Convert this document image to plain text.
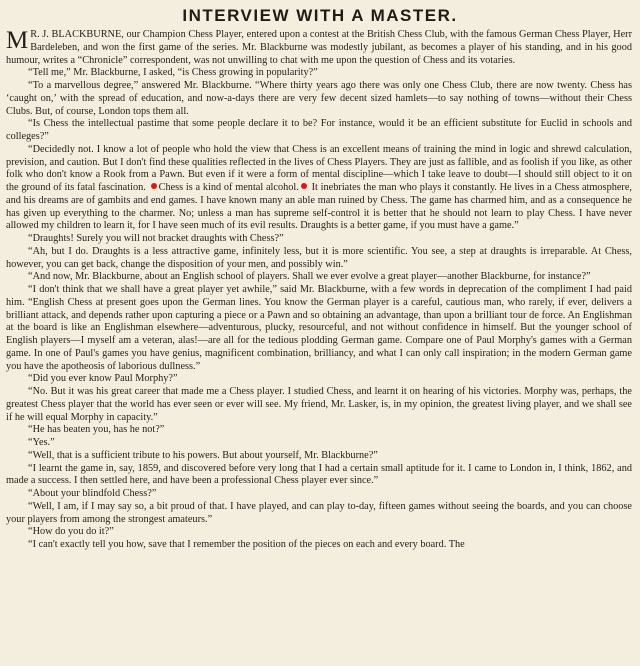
INTERVIEW WITH A MASTER.

M R. J. BLACKBURNE, our Champion Chess Player, entered upon a contest at the British Chess Club, with the famous German Chess Player, Herr Bardeleben, and won the first game of the series. Mr. Blackburne was modestly jubilant, as becomes a player of his standing, and in his good humour, writes a “Chronicle” correspondent, was not unwilling to chat with me upon the question of Chess and its votaries.

“Tell me,” Mr. Blackburne, I asked, “is Chess growing in popularity?”

“To a marvellous degree,” answered Mr. Blackburne. “Where thirty years ago there was only one Chess Club, there are now twenty. Chess has ‘caught on,’ with the spread of education, and now-a-days there are very few decent sized hamlets—to say nothing of towns—without their Chess Clubs. But, of course, London tops them all.

“Is Chess the intellectual pastime that some people declare it to be? For instance, would it be an efficient substitute for Euclid in schools and colleges?”

“Decidedly not. I know a lot of people who hold the view that Chess is an excellent means of training the mind in logic and shrewd calculation, prevision, and caution. But I don't find these qualities reflected in the lives of Chess Players. They are just as fallible, and as foolish if you like, as other folk who don't know a Rook from a Pawn. But even if it were a form of mental discipline—which I take leave to doubt—I should still object to it on the ground of its fatal fascination. Chess is a kind of mental alcohol. It inebriates the man who plays it constantly. He lives in a Chess atmosphere, and his dreams are of gambits and end games. I have known many an able man ruined by Chess. The game has charmed him, and as a consequence he has given up everything to the charmer. No; unless a man has supreme self-control it is better that he should not learn to play Chess. I have never allowed my children to learn it, for I have seen much of its evil results. Draughts is a better game, if you must have a game.”

“Draughts! Surely you will not bracket draughts with Chess?”

“Ah, but I do. Draughts is a less attractive game, infinitely less, but it is more scientific. You see, a step at draughts is irreparable. At Chess, however, you can get back, change the disposition of your men, and possibly win.”

“And now, Mr. Blackburne, about an English school of players. Shall we ever evolve a great player—another Blackburne, for instance?”

“I don't think that we shall have a great player yet awhile,” said Mr. Blackburne, with a few words in deprecation of the compliment I had paid him. “English Chess at present goes upon the German lines. You know the German player is a careful, cautious man, who rarely, if ever, delivers a brilliant attack, and depends rather upon capturing a piece or a Pawn and so obtaining an advantage, than upon a brilliant tour de force. An Englishman at the board is like an Englishman elsewhere—adventurous, plucky, resourceful, and not without confidence in himself. But the younger school of English players—I myself am a veteran, alas!—are all for the tedious plodding German game. Compare one of Paul Morphy's games with a German game. In one of Paul's games you have genius, magnificent combination, brilliancy, and what I can only call inspiration; in the modern German game you have the apotheosis of laborious dullness.”

“Did you ever know Paul Morphy?”

“No. But it was his great career that made me a Chess player. I studied Chess, and learnt it on hearing of his victories. Morphy was, perhaps, the greatest Chess player that the world has ever seen or ever will see. My friend, Mr. Lasker, is, in my opinion, the greatest living player, and we shall see if he will equal Morphy in capacity.”

“He has beaten you, has he not?”

“Yes.”

“Well, that is a sufficient tribute to his powers. But about yourself, Mr. Blackburne?”

“I learnt the game in, say, 1859, and discovered before very long that I had a certain small aptitude for it. I came to London in, I think, 1862, and made a success. I then settled here, and have been a professional Chess player ever since.”

“About your blindfold Chess?”

“Well, I am, if I may say so, a bit proud of that. I have played, and can play to-day, fifteen games without seeing the boards, and you can choose your players from among the strongest amateurs.”

“How do you do it?”

“I can't exactly tell you how, save that I remember the position of the pieces on each and every board. The
